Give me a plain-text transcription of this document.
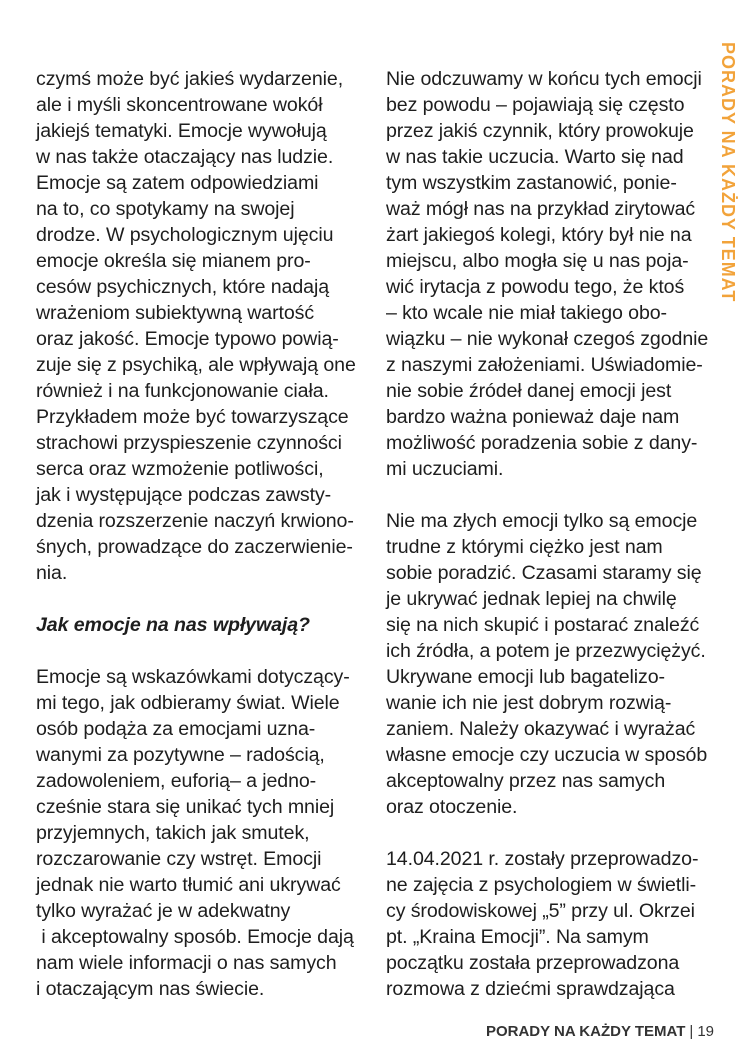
czymś może być jakieś wydarzenie,
ale i myśli skoncentrowane wokół
jakiejś tematyki. Emocje wywołują
w nas także otaczający nas ludzie.
Emocje są zatem odpowiedziami
na to, co spotykamy na swojej
drodze. W psychologicznym ujęciu
emocje określa się mianem pro-
cesów psychicznych, które nadają
wrażeniom subiektywną wartość
oraz jakość. Emocje typowo powią-
zuje się z psychiką, ale wpływają one
również i na funkcjonowanie ciała.
Przykładem może być towarzyszące
strachowi przyspieszenie czynności
serca oraz wzmożenie potliwości,
jak i występujące podczas zawsty-
dzenia rozszerzenie naczyń krwiono-
śnych, prowadzące do zaczerwienie-
nia.
Jak emocje na nas wpływają?
Emocje są wskazówkami dotyczący-
mi tego, jak odbieramy świat. Wiele
osób podąża za emocjami uzna-
wanymi za pozytywne – radością,
zadowoleniem, euforią– a jedno-
cześnie stara się unikać tych mniej
przyjemnych, takich jak smutek,
rozczarowanie czy wstręt. Emocji
jednak nie warto tłumić ani ukrywać
tylko wyrażać je w adekwatny
i akceptowalny sposób. Emocje dają
nam wiele informacji o nas samych
i otaczającym nas świecie.
Nie odczuwamy w końcu tych emocji
bez powodu – pojawiają się często
przez jakiś czynnik, który prowokuje
w nas takie uczucia. Warto się nad
tym wszystkim zastanowić, ponie-
waż mógł nas na przykład zirytować
żart jakiegoś kolegi, który był nie na
miejscu, albo mogła się u nas poja-
wić irytacja z powodu tego, że ktoś
– kto wcale nie miał takiego obo-
wiązku – nie wykonał czegoś zgodnie
z naszymi założeniami. Uświadomie-
nie sobie źródeł danej emocji jest
bardzo ważna ponieważ daje nam
możliwość poradzenia sobie z dany-
mi uczuciami.
Nie ma złych emocji tylko są emocje
trudne z którymi ciężko jest nam
sobie poradzić. Czasami staramy się
je ukrywać jednak lepiej na chwilę
się na nich skupić i postarać znaleźć
ich źródła, a potem je przezwyciężyć.
Ukrywane emocji lub bagatelizo-
wanie ich nie jest dobrym rozwią-
zaniem. Należy okazywać i wyrażać
własne emocje czy uczucia w sposób
akceptowalny przez nas samych
oraz otoczenie.
14.04.2021 r. zostały przeprowadzo-
ne zajęcia z psychologiem w świetli-
cy środowiskowej „5” przy ul. Okrzei
pt. „Kraina Emocji”. Na samym
początku została przeprowadzona
rozmowa z dziećmi sprawdzająca
PORADY NA KAŻDY TEMAT
PORADY NA KAŻDY TEMAT | 19
